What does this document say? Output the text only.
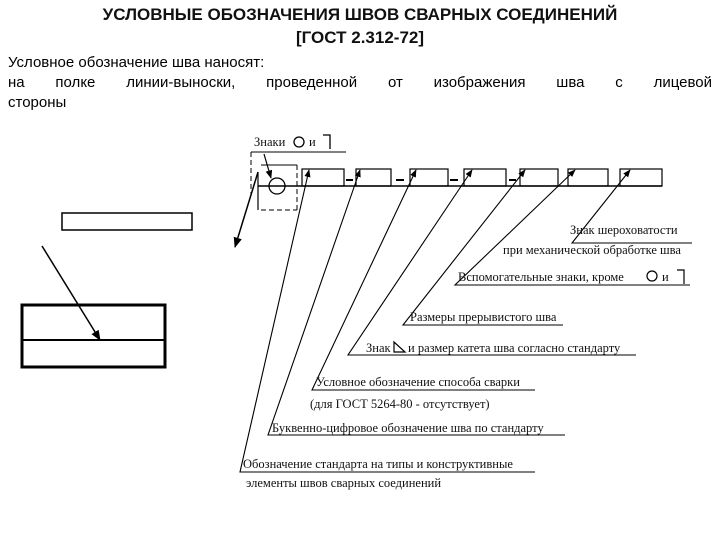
УСЛОВНЫЕ ОБОЗНАЧЕНИЯ ШВОВ СВАРНЫХ СОЕДИНЕНИЙ
[ГОСТ 2.312-72]
Условное обозначение шва наносят:
на полке линии-выноски, проведенной от изображения шва с лицевой
стороны
Знаки и
Знак шероховатости
при механической обработке шва
Вспомогательные знаки, кроме	и
Размеры прерывистого шва
Знак и размер катета шва согласно стандарту
Условное обозначение способа сварки
(для ГОСТ 5264-80 - отсутствует)
Буквенно-цифровое обозначение шва по стандарту
Обозначение стандарта на типы и конструктивные
элементы швов сварных соединений
